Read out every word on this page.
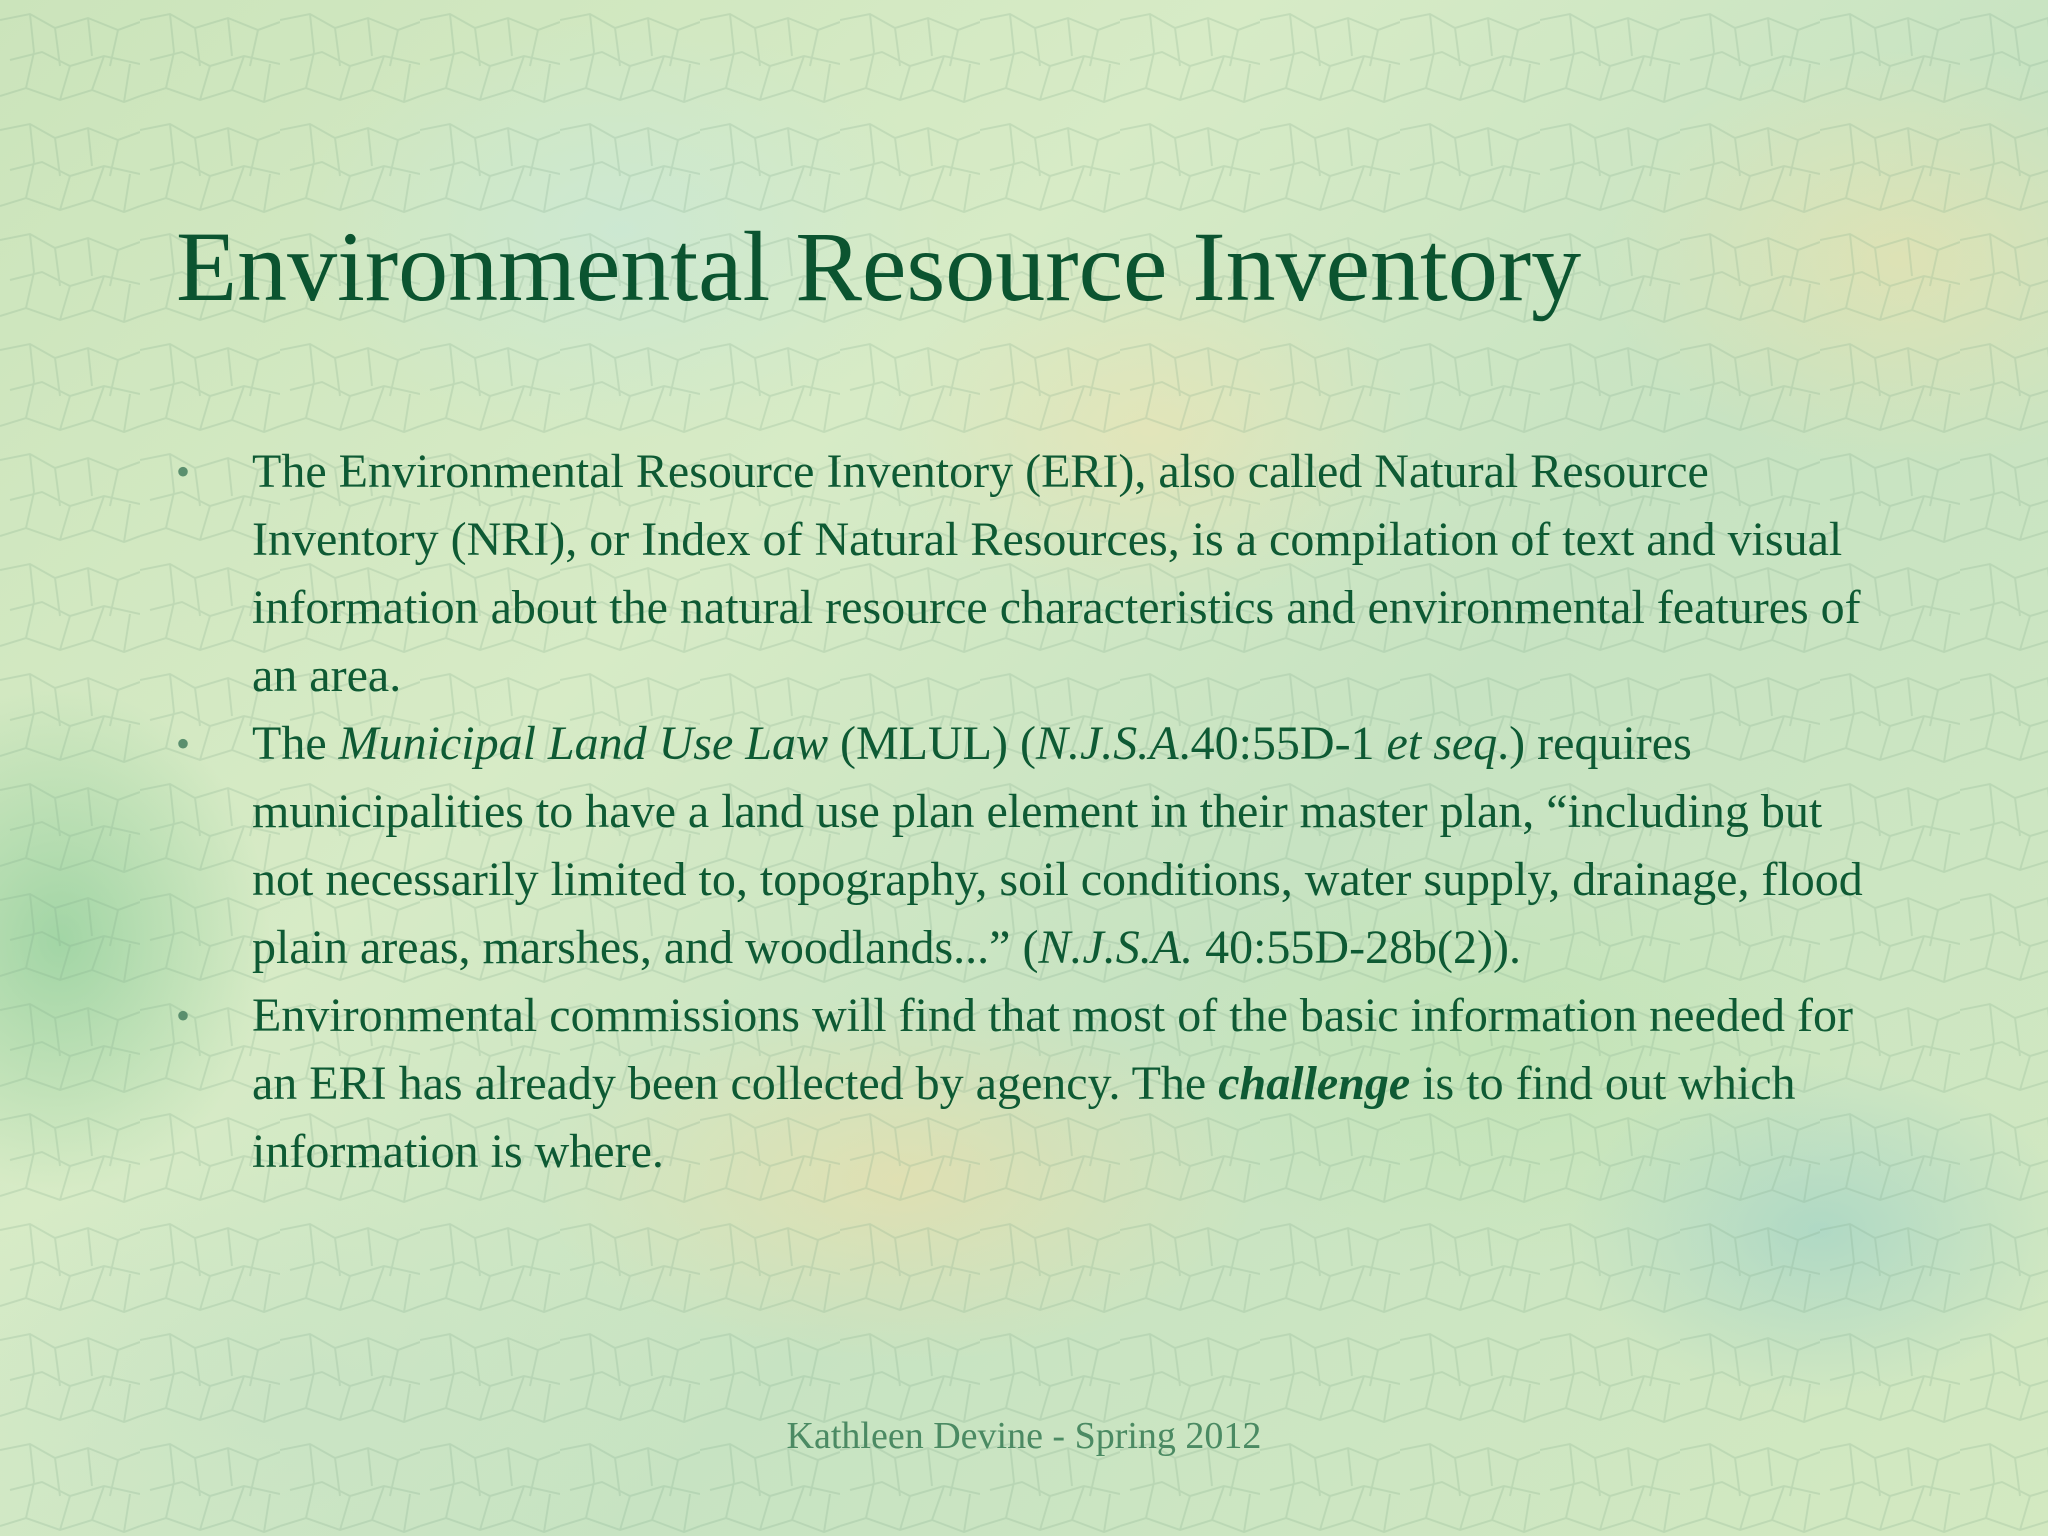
Environmental Resource Inventory
•	The Environmental Resource Inventory (ERI), also called Natural Resource Inventory (NRI), or Index of Natural Resources, is a compilation of text and visual information about the natural resource characteristics and environmental features of an area.
•	The Municipal Land Use Law (MLUL) (N.J.S.A.40:55D-1 et seq.) requires municipalities to have a land use plan element in their master plan, “including but not necessarily limited to, topography, soil conditions, water supply, drainage, flood plain areas, marshes, and woodlands...” (N.J.S.A. 40:55D-28b(2)).
•	Environmental commissions will find that most of the basic information needed for an ERI has already been collected by agency. The challenge is to find out which information is where.
Kathleen Devine - Spring 2012
